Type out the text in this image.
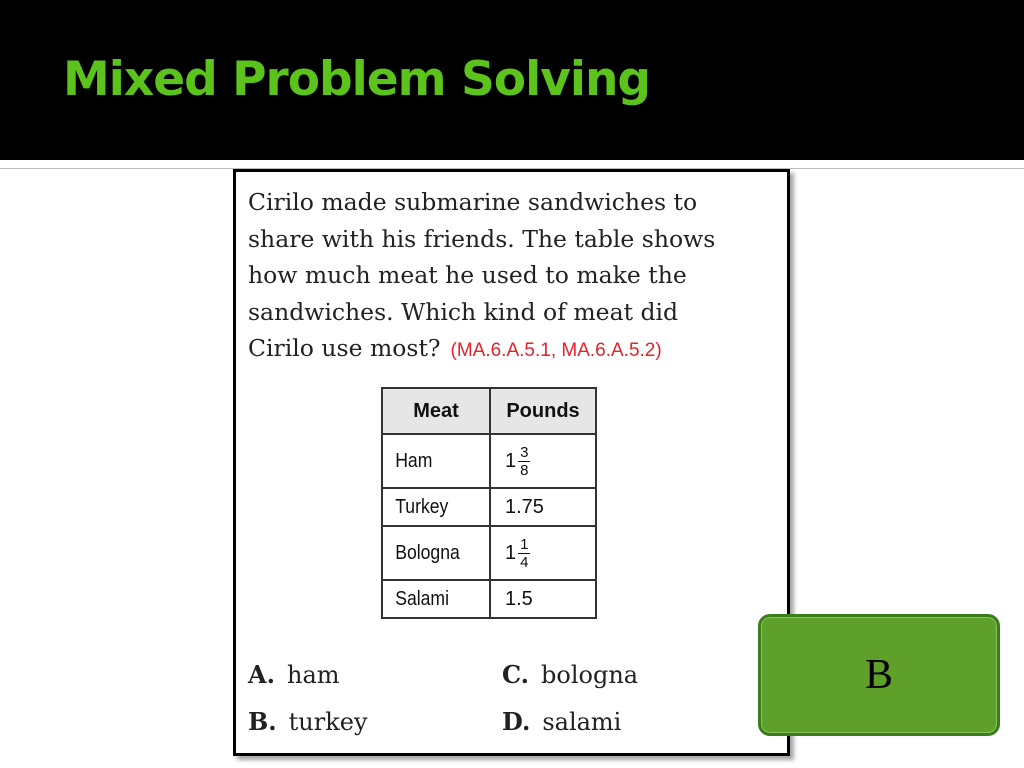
Mixed Problem Solving
Cirilo made submarine sandwiches to
share with his friends. The table shows
how much meat he used to make the
sandwiches. Which kind of meat did
Cirilo use most? (MA.6.A.5.1, MA.6.A.5.2)
Meat	Pounds
Ham	$1 \frac{3}{8}$

Turkey	1.75
Bologna	$1 \frac{1}{4}$

Salami	1.5
A. ham	C. bologna
B. turkey	D. salami
B
